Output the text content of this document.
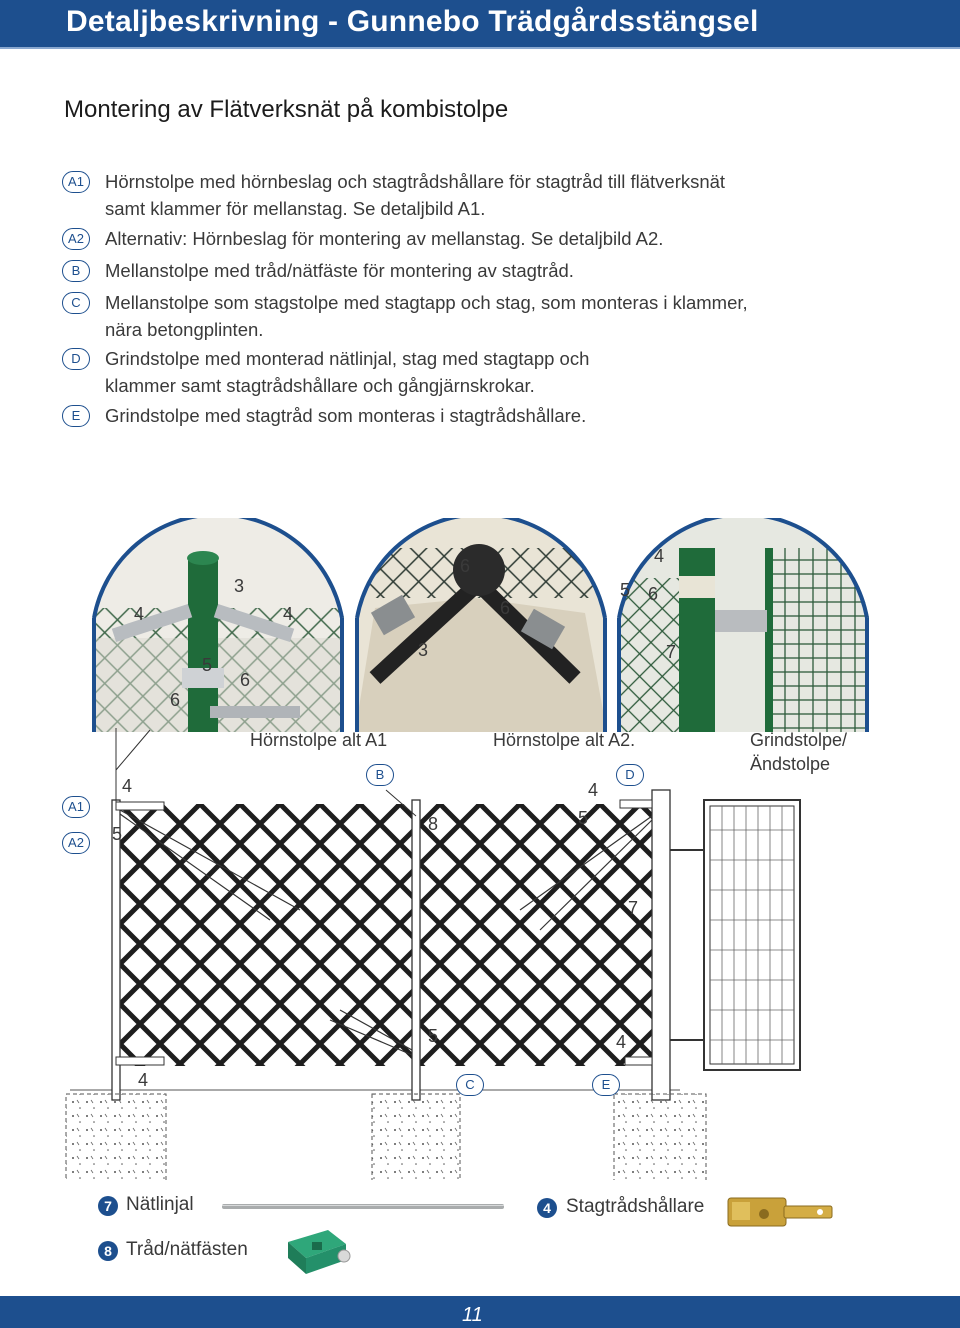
Detaljbeskrivning - Gunnebo Trädgårdsstängsel
Montering av Flätverksnät på kombistolpe
A1	Hörnstolpe med hörnbeslag och stagtrådshållare för stagtråd till flätverksnät
samt klammer för mellanstag. Se detaljbild A1.
A2	Alternativ: Hörnbeslag för montering av mellanstag. Se detaljbild A2.
B	Mellanstolpe med tråd/nätfäste för montering av stagtråd.
C	Mellanstolpe som stagstolpe med stagtapp och stag, som monteras i klammer,
nära betongplinten.
D	Grindstolpe med monterad nätlinjal, stag med stagtapp och
klammer samt stagtrådshållare och gångjärnskrokar.
E	Grindstolpe med stagtråd som monteras i stagtrådshållare.
3
4	4
5
6
6
6
6
3
4
5 6
7
Hörnstolpe alt A1	Hörnstolpe alt A2.	Grindstolpe/
Ändstolpe
A1
A2
B
C
D
E
4
5	8
4
5
4
7
5
4
7 Nätlinjal
8 Tråd/nätfästen
4 Stagtrådshållare
11
